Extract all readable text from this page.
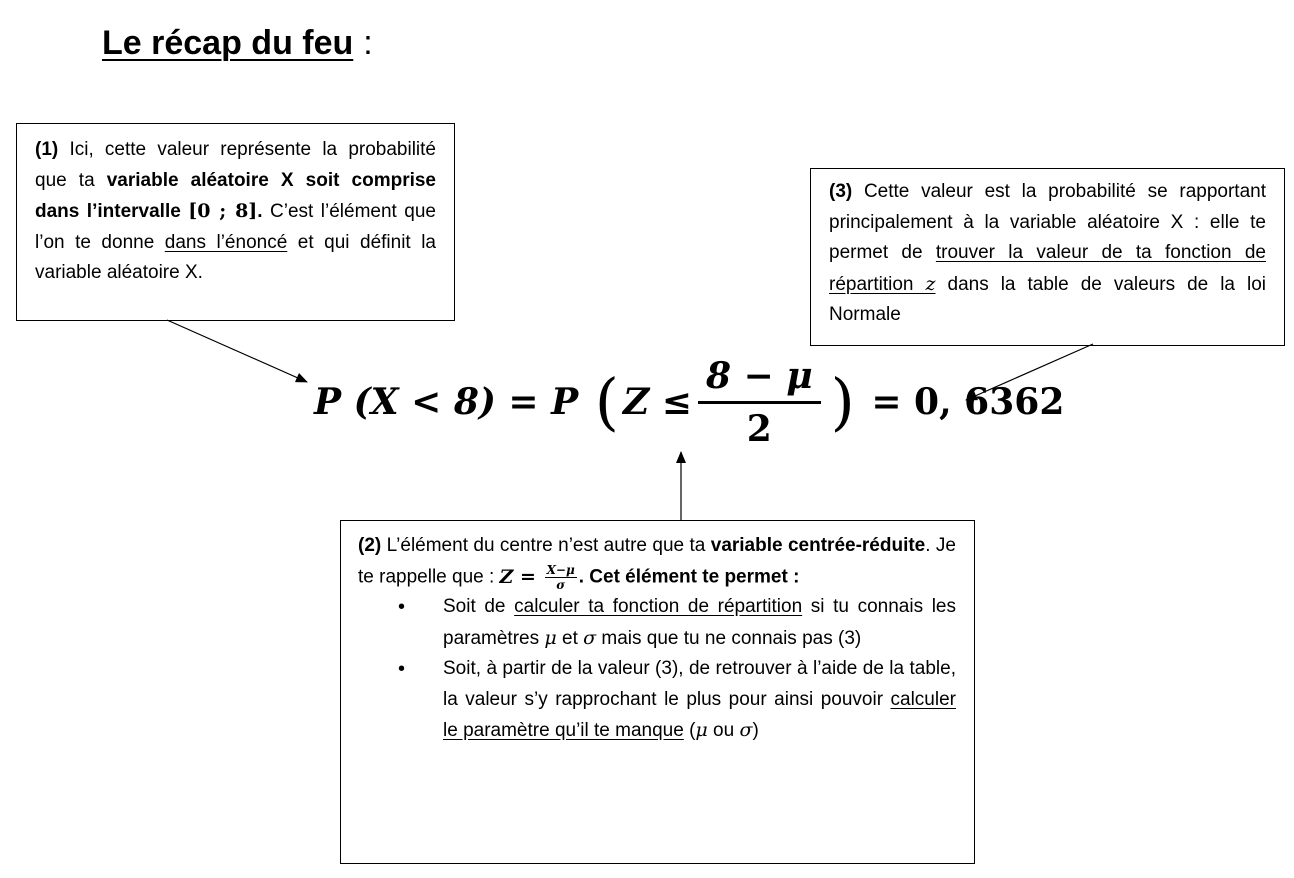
Le récap du feu :

(1) Ici, cette valeur représente la probabilité que ta variable aléatoire X soit comprise dans l’intervalle [0 ; 8]. C’est l’élément que l’on te donne dans l’énoncé et qui définit la variable aléatoire X.

(3) Cette valeur est la probabilité se rapportant principalement à la variable aléatoire X : elle te permet de trouver la valeur de ta fonction de répartition z dans la table de valeurs de la loi Normale

P
(X < 8) =
P
( $Z \le \frac{8 - \mu}{2}$ )
= 0, 6362

(2) L’élément du centre n’est autre que ta variable centrée-réduite. Je te rappelle que : $Z = \frac{X-\mu}{\sigma}$ . Cet élément te permet :

• Soit de calculer ta fonction de répartition si tu connais les paramètres μ et σ mais que tu ne connais pas (3)
• Soit, à partir de la valeur (3), de retrouver à l’aide de la table, la valeur s’y rapprochant le plus pour ainsi pouvoir calculer le paramètre qu’il te manque (μ ou σ)
